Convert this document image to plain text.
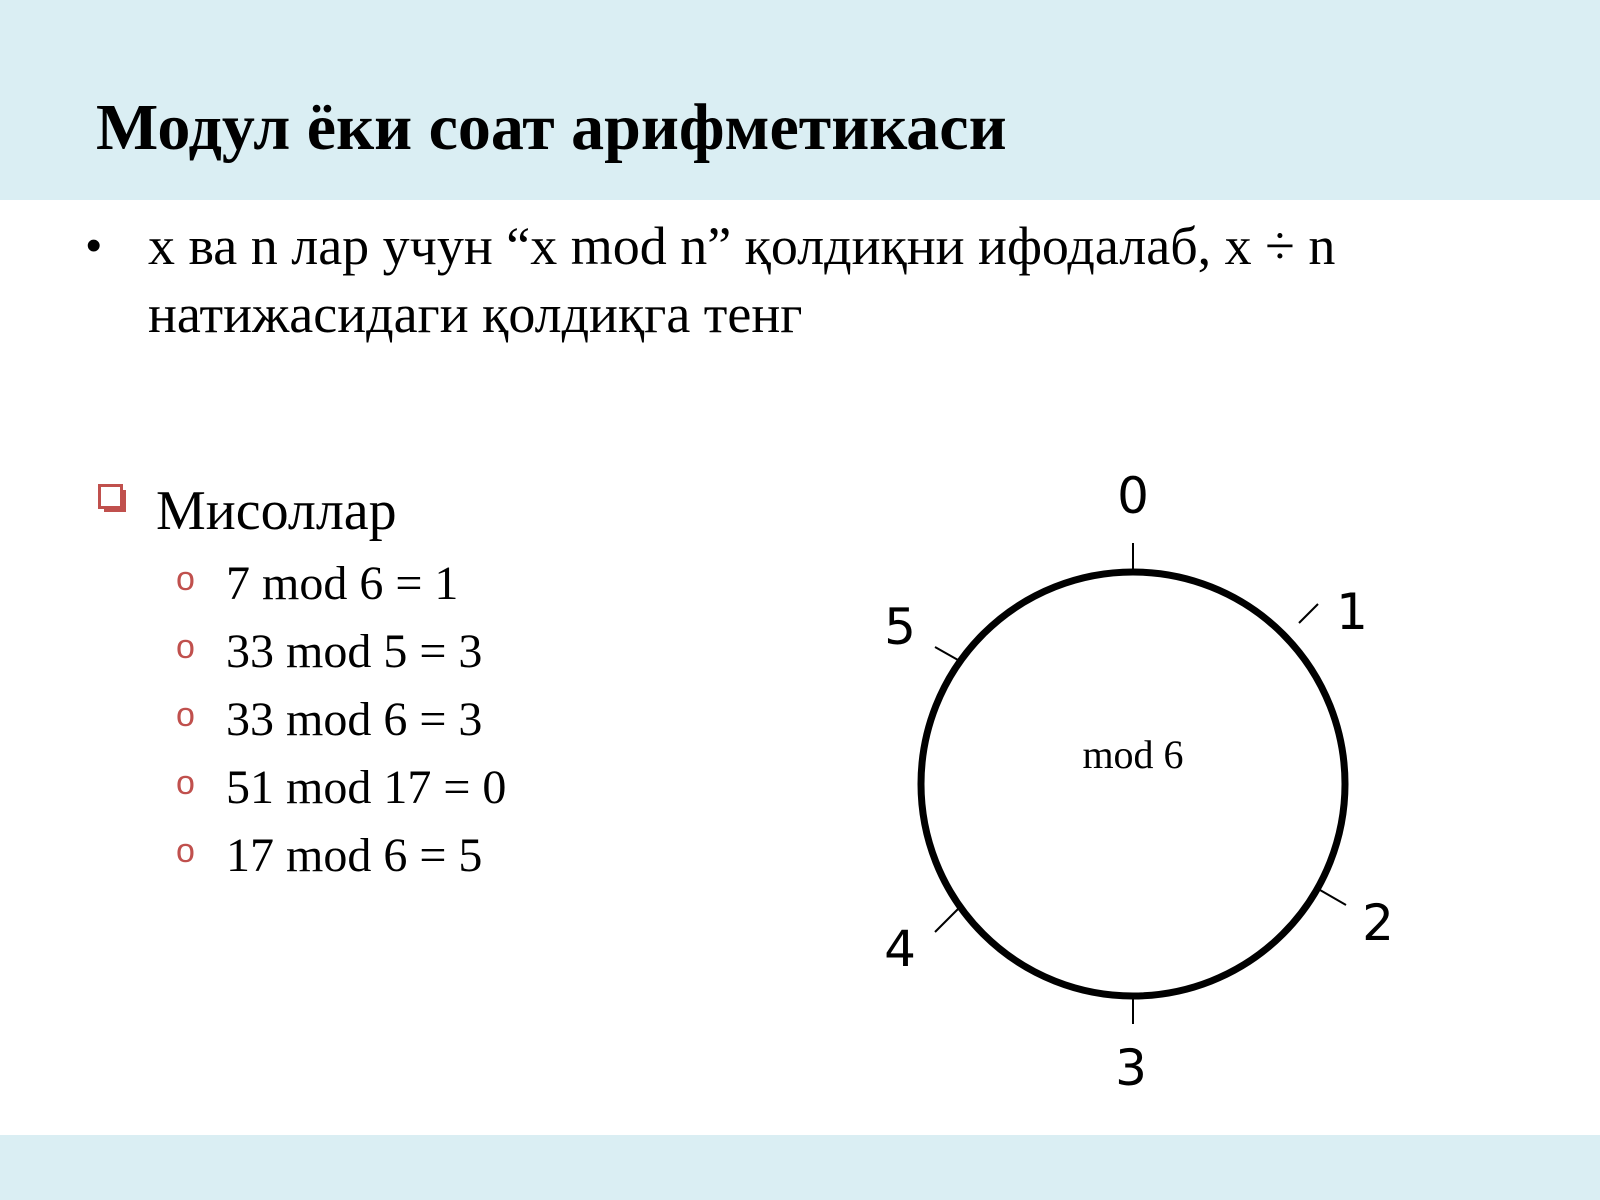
Модул ёки соат арифметикаси
• x ва n лар учун “x mod n” қолдиқни ифодалаб, x ÷ n натижасидаги қолдиқга тенг
Мисоллар
o 7 mod 6 = 1
o 33 mod 5 = 3
o 33 mod 6 = 3
o 51 mod 17 = 0
o 17 mod 6 = 5
0
1
2
3
4
5
mod 6
